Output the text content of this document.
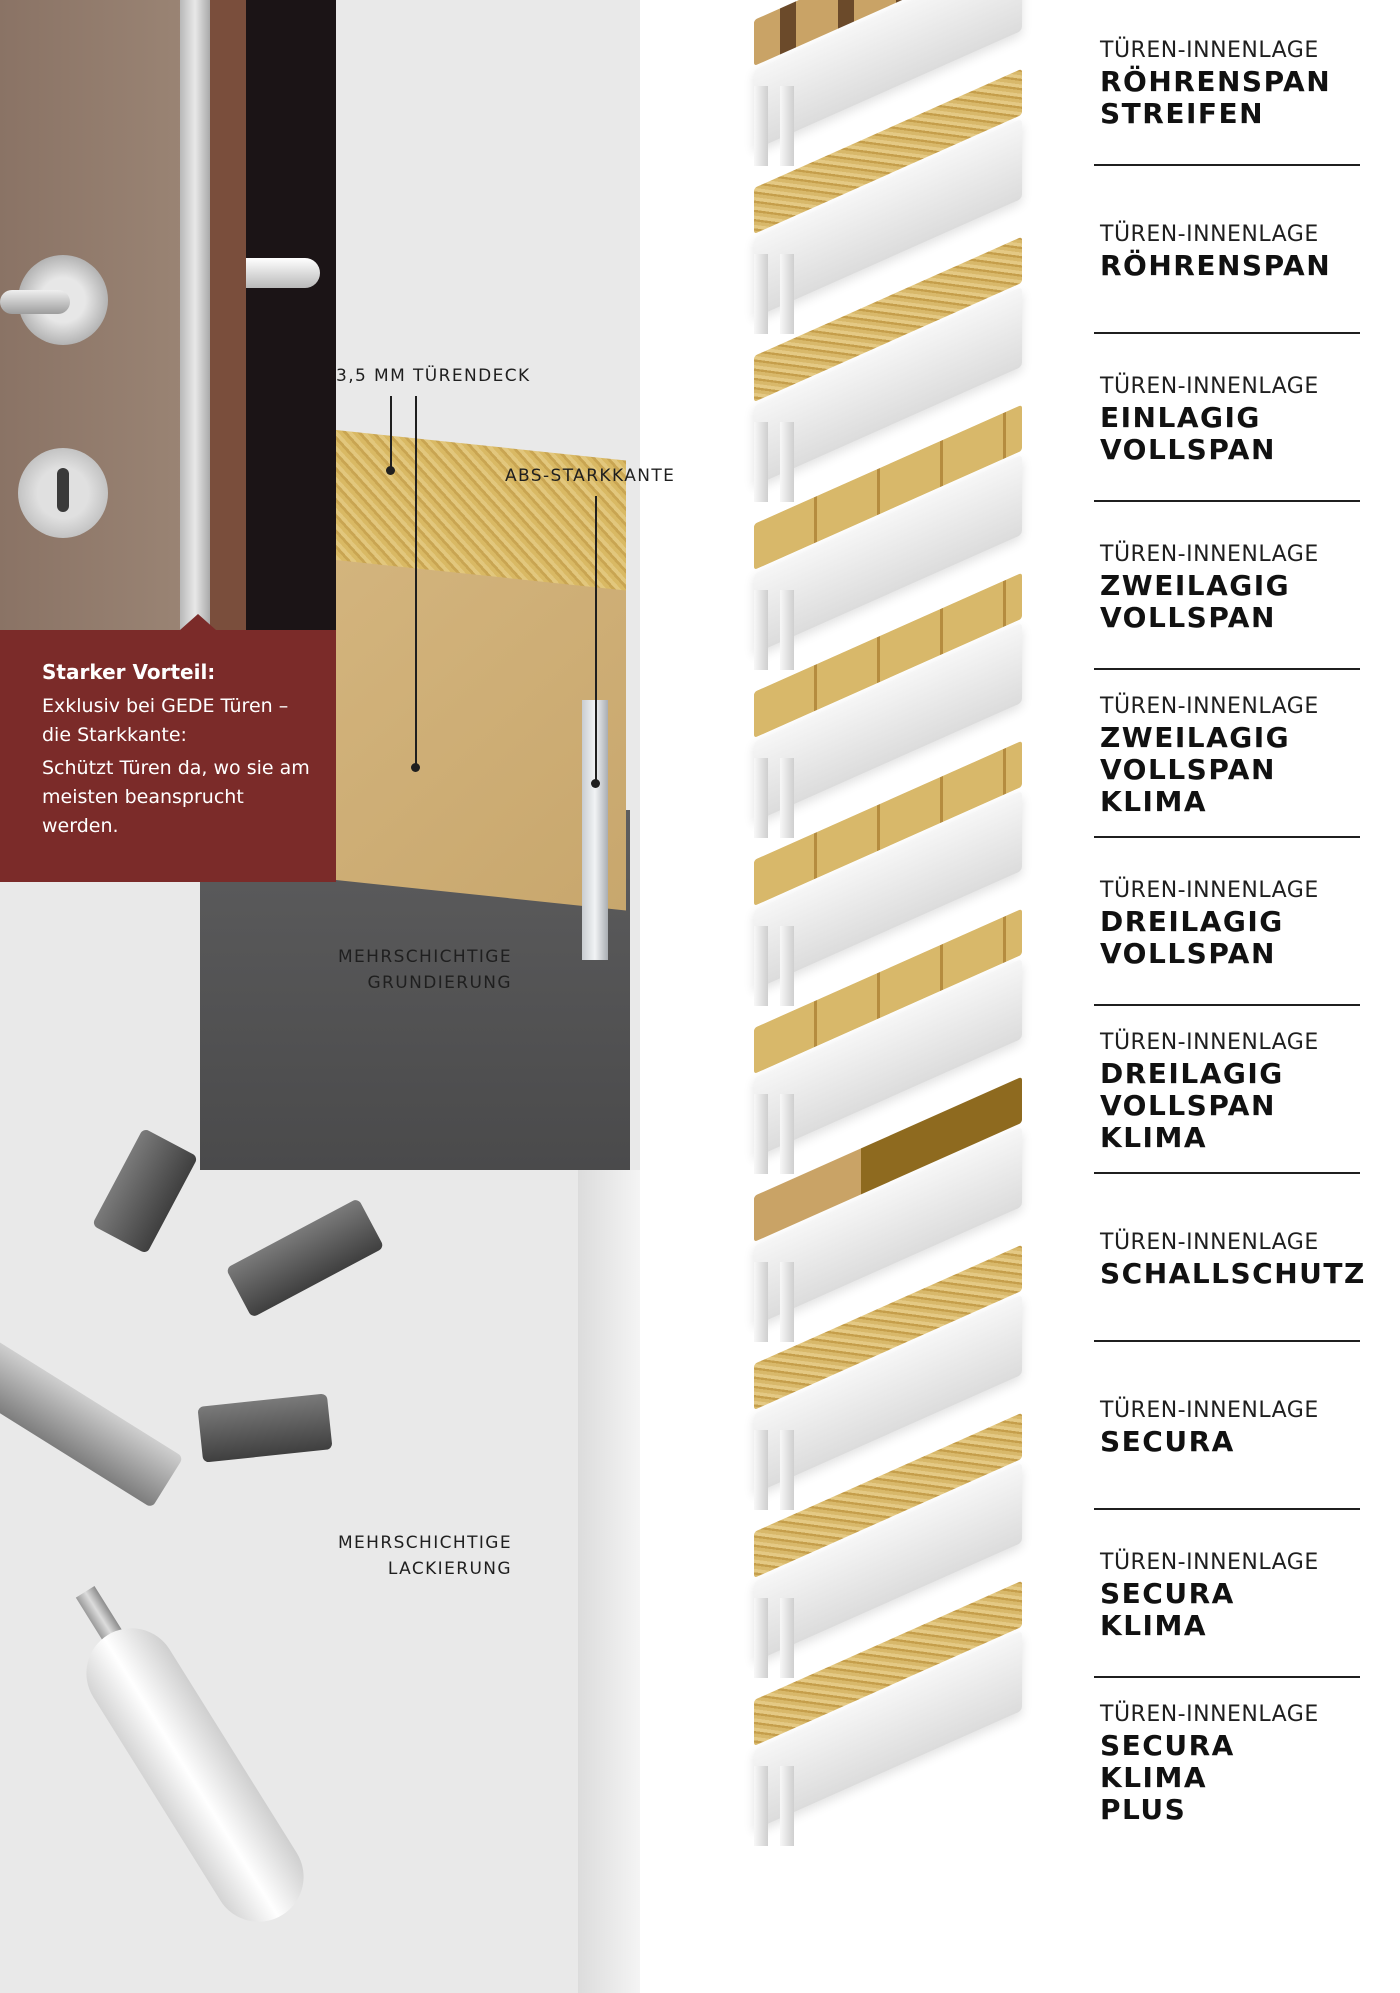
3,5 MM TÜRENDECK
ABS-STARKKANTE
MEHRSCHICHTIGE
GRUNDIERUNG
MEHRSCHICHTIGE
LACKIERUNG
Starker Vorteil:
Exklusiv bei GEDE Türen – die Starkkante:
Schützt Türen da, wo sie am meisten beansprucht werden.
TÜREN-INNENLAGE
RÖHRENSPAN
STREIFEN
TÜREN-INNENLAGE
RÖHRENSPAN
TÜREN-INNENLAGE
EINLAGIG
VOLLSPAN
TÜREN-INNENLAGE
ZWEILAGIG
VOLLSPAN
TÜREN-INNENLAGE
ZWEILAGIG
VOLLSPAN
KLIMA
TÜREN-INNENLAGE
DREILAGIG
VOLLSPAN
TÜREN-INNENLAGE
DREILAGIG
VOLLSPAN
KLIMA
TÜREN-INNENLAGE
SCHALLSCHUTZ
TÜREN-INNENLAGE
SECURA
TÜREN-INNENLAGE
SECURA
KLIMA
TÜREN-INNENLAGE
SECURA
KLIMA
PLUS
